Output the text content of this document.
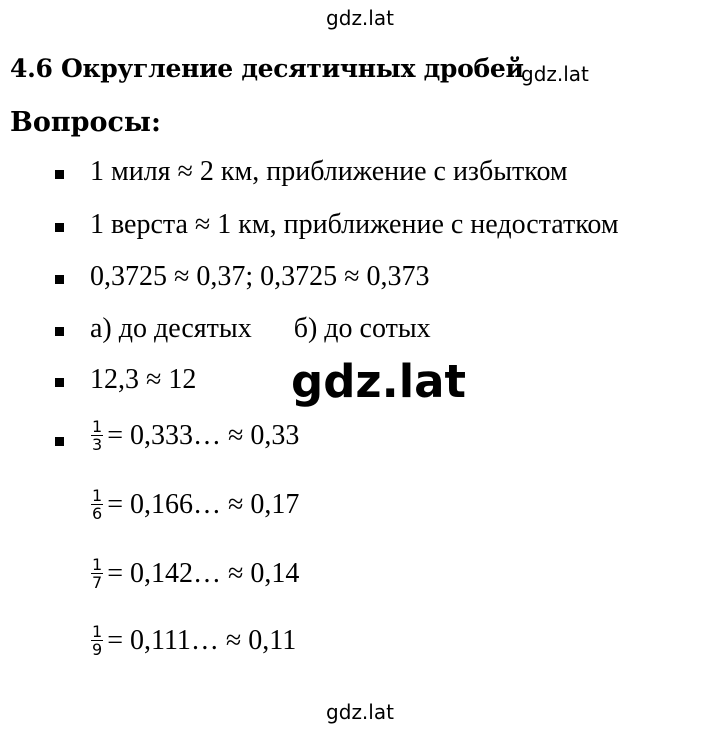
gdz.lat
4.6 Округление десятичных дробей
gdz.lat
Вопросы:
1 миля ≈ 2 км, приближение с избытком
1 верста ≈ 1 км, приближение с недостатком
0,3725 ≈ 0,37; 0,3725 ≈ 0,373
а) до десятых      б) до сотых
12,3 ≈ 12 gdz.lat
$\frac{1}{3}$ = 0,333… ≈ 0,33
$\frac{1}{6}$ = 0,166… ≈ 0,17
$\frac{1}{7}$ = 0,142… ≈ 0,14
$\frac{1}{9}$ = 0,111… ≈ 0,11
gdz.lat
